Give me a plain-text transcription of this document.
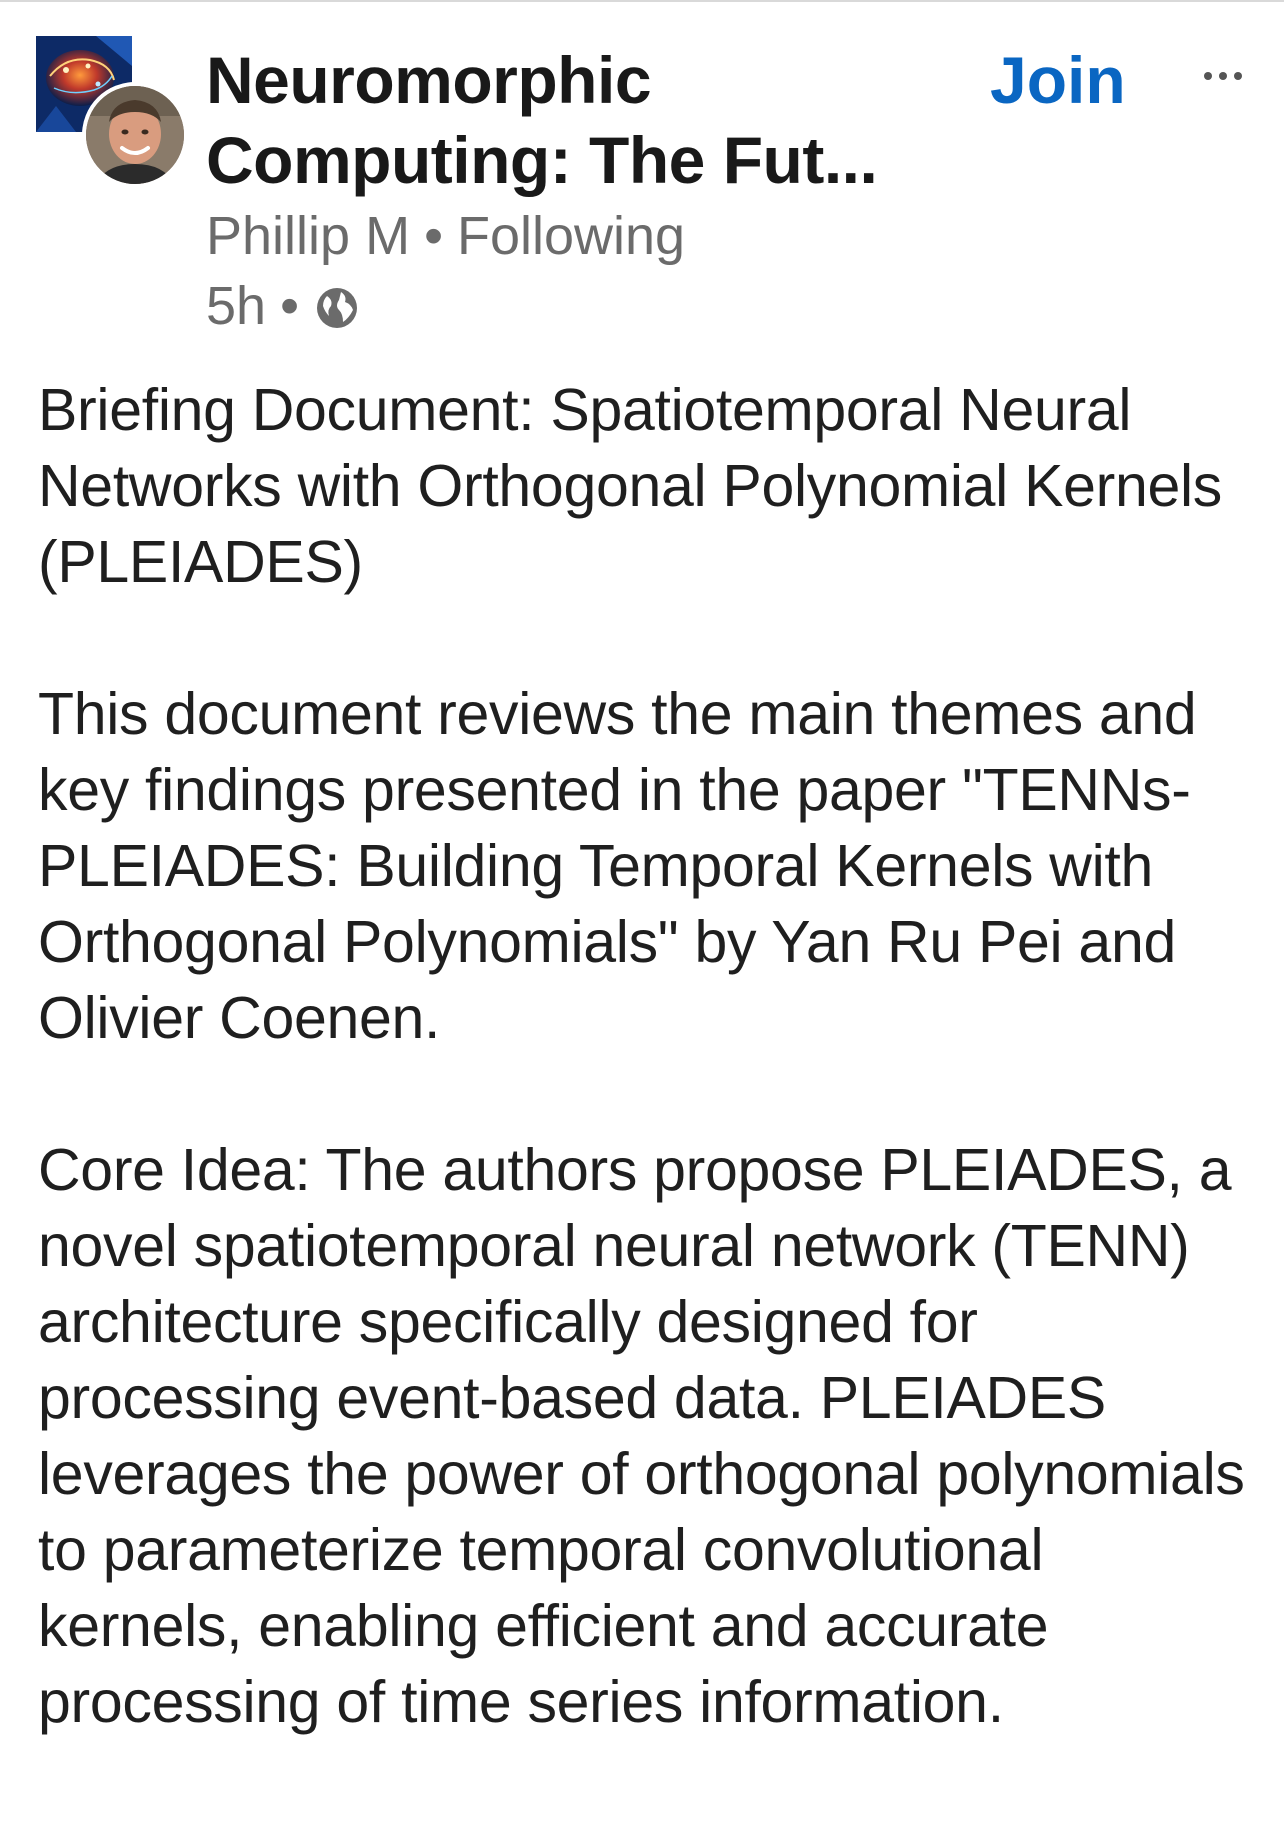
Neuromorphic Computing: The Fut...
Join
Phillip M • Following
5h •

Briefing Document: Spatiotemporal Neural Networks with Orthogonal Polynomial Kernels (PLEIADES)

This document reviews the main themes and key findings presented in the paper "TENNs-PLEIADES: Building Temporal Kernels with Orthogonal Polynomials" by Yan Ru Pei and Olivier Coenen.

Core Idea: The authors propose PLEIADES, a novel spatiotemporal neural network (TENN) architecture specifically designed for processing event-based data. PLEIADES leverages the power of orthogonal polynomials to parameterize temporal convolutional kernels, enabling efficient and accurate processing of time series information.
